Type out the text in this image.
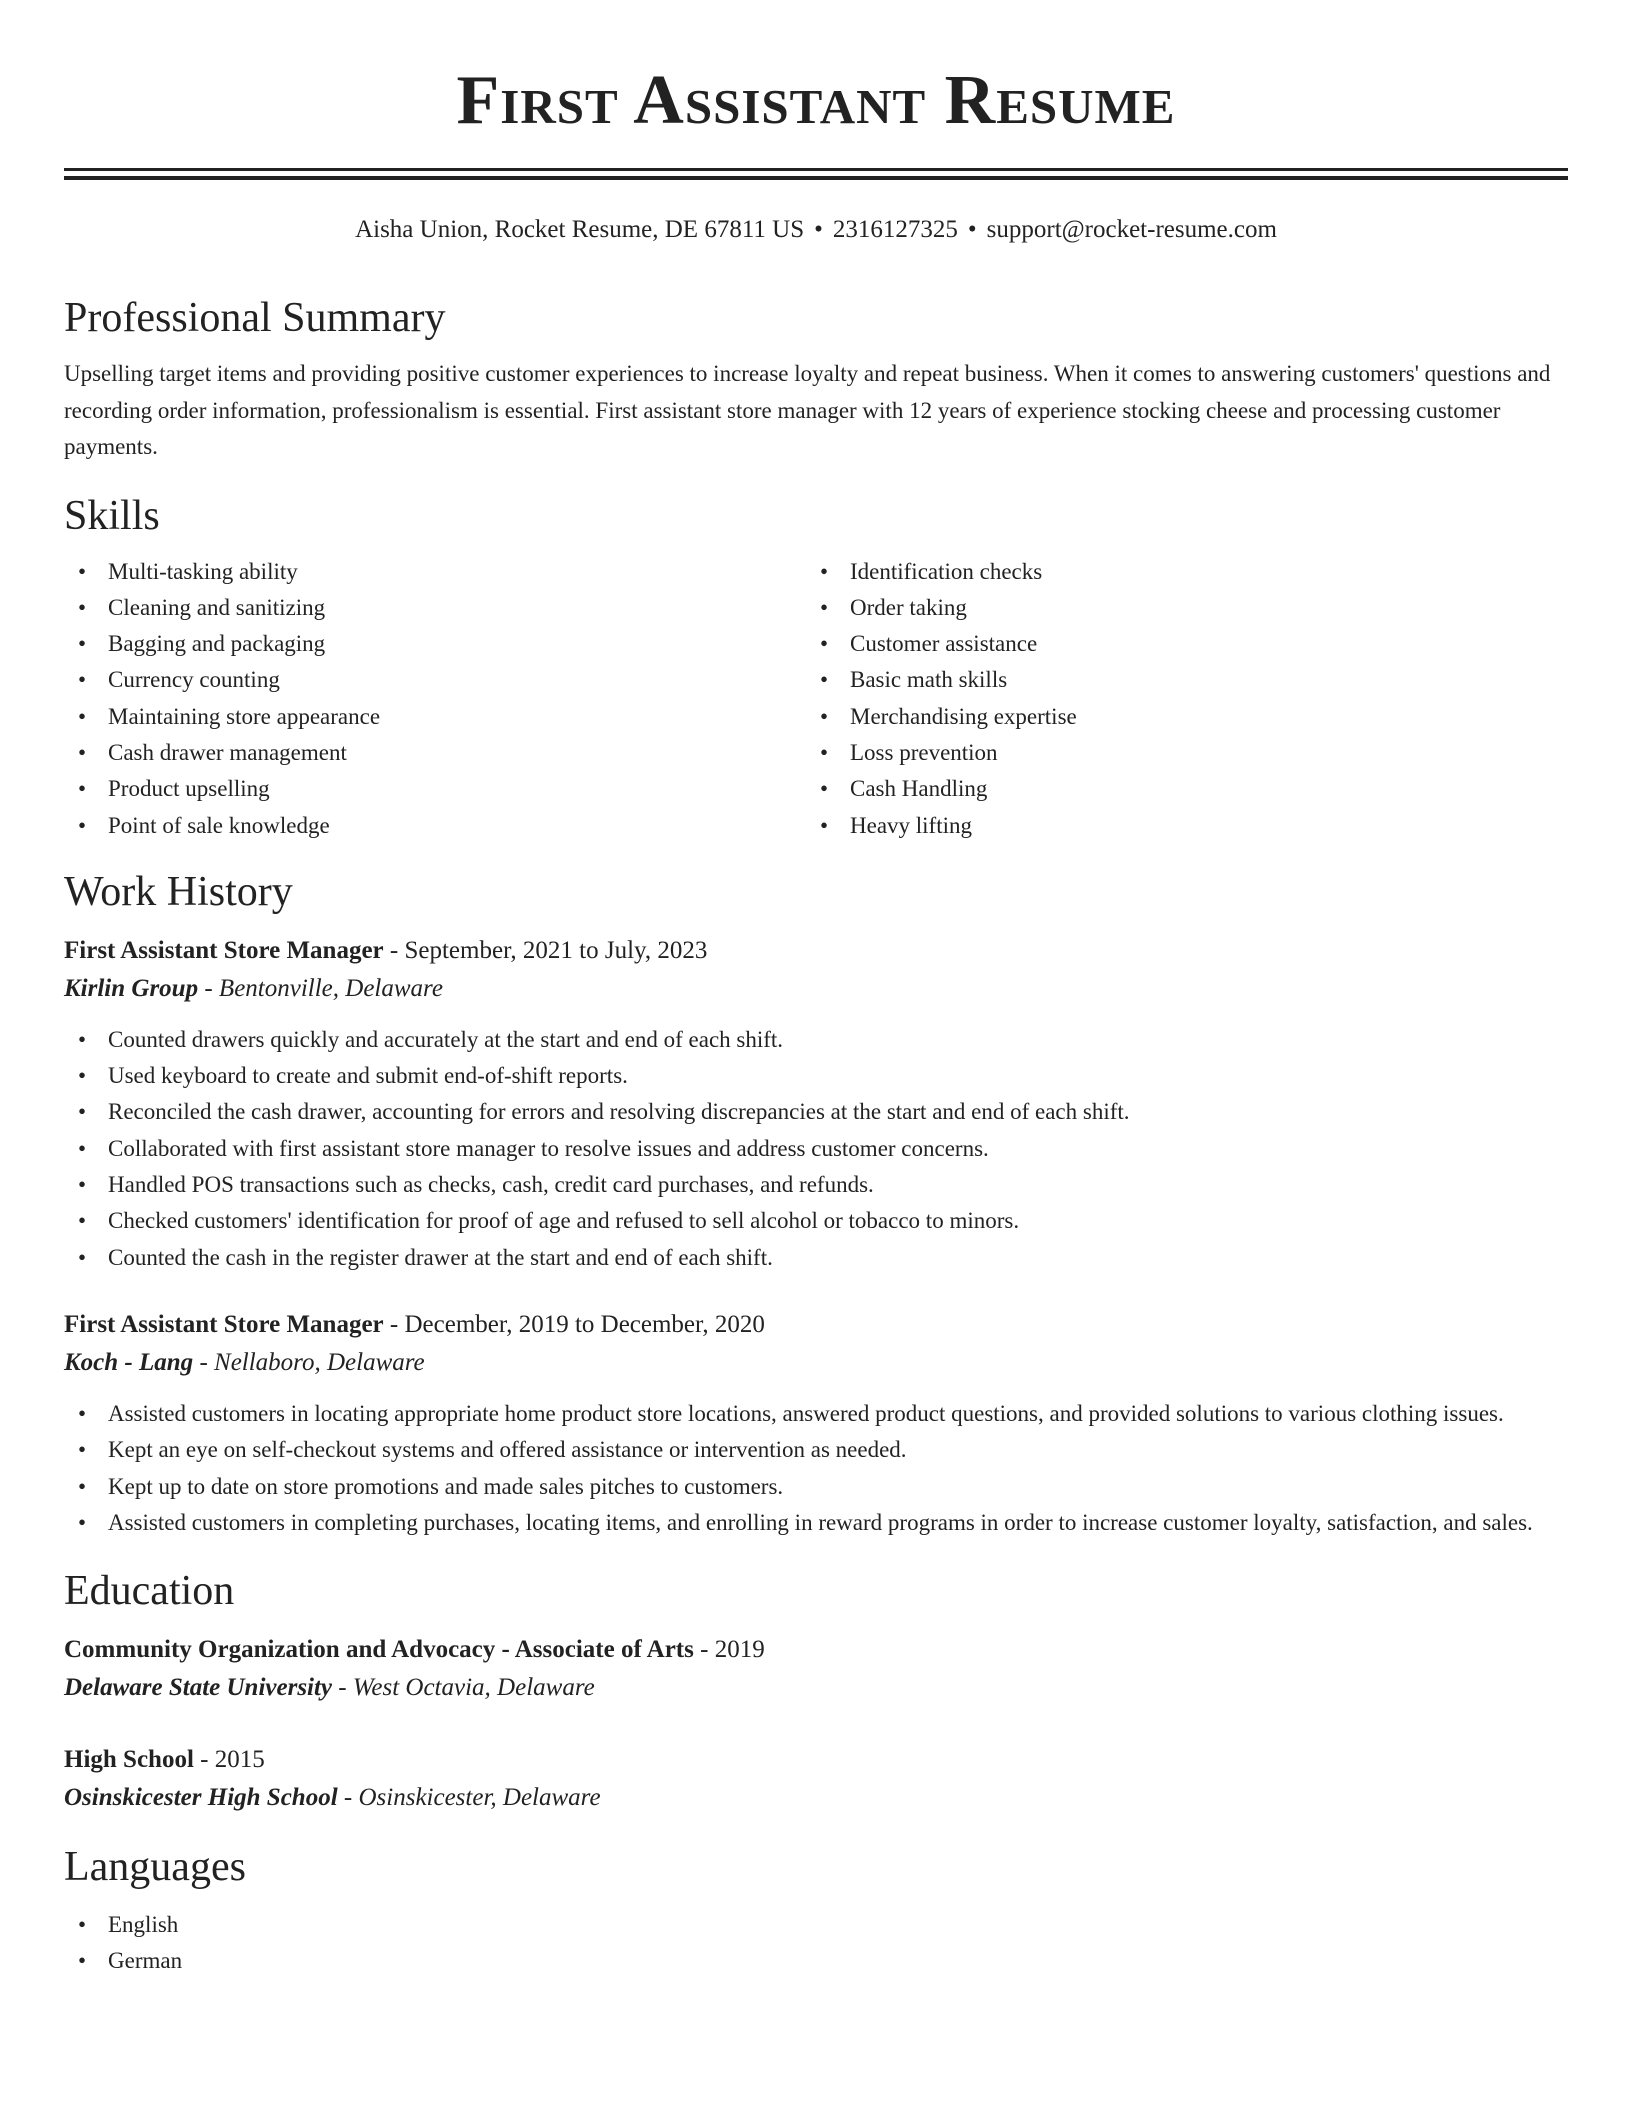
First Assistant Resume
Aisha Union, Rocket Resume, DE 67811 US • 2316127325 • support@rocket-resume.com
Professional Summary

Upselling target items and providing positive customer experiences to increase loyalty and repeat business. When it comes to answering customers' questions and recording order information, professionalism is essential. First assistant store manager with 12 years of experience stocking cheese and processing customer payments.

Skills
• Multi-tasking ability
• Cleaning and sanitizing
• Bagging and packaging
• Currency counting
• Maintaining store appearance
• Cash drawer management
• Product upselling
• Point of sale knowledge
• Identification checks
• Order taking
• Customer assistance
• Basic math skills
• Merchandising expertise
• Loss prevention
• Cash Handling
• Heavy lifting
Work History

First Assistant Store Manager - September, 2021 to July, 2023

Kirlin Group - Bentonville, Delaware

• Counted drawers quickly and accurately at the start and end of each shift.
• Used keyboard to create and submit end-of-shift reports.
• Reconciled the cash drawer, accounting for errors and resolving discrepancies at the start and end of each shift.
• Collaborated with first assistant store manager to resolve issues and address customer concerns.
• Handled POS transactions such as checks, cash, credit card purchases, and refunds.
• Checked customers' identification for proof of age and refused to sell alcohol or tobacco to minors.
• Counted the cash in the register drawer at the start and end of each shift.

First Assistant Store Manager - December, 2019 to December, 2020

Koch - Lang - Nellaboro, Delaware

• Assisted customers in locating appropriate home product store locations, answered product questions, and provided solutions to various clothing issues.
• Kept an eye on self-checkout systems and offered assistance or intervention as needed.
• Kept up to date on store promotions and made sales pitches to customers.
• Assisted customers in completing purchases, locating items, and enrolling in reward programs in order to increase customer loyalty, satisfaction, and sales.
Education

Community Organization and Advocacy - Associate of Arts - 2019

Delaware State University - West Octavia, Delaware

High School - 2015

Osinskicester High School - Osinskicester, Delaware

Languages
• English
• German
